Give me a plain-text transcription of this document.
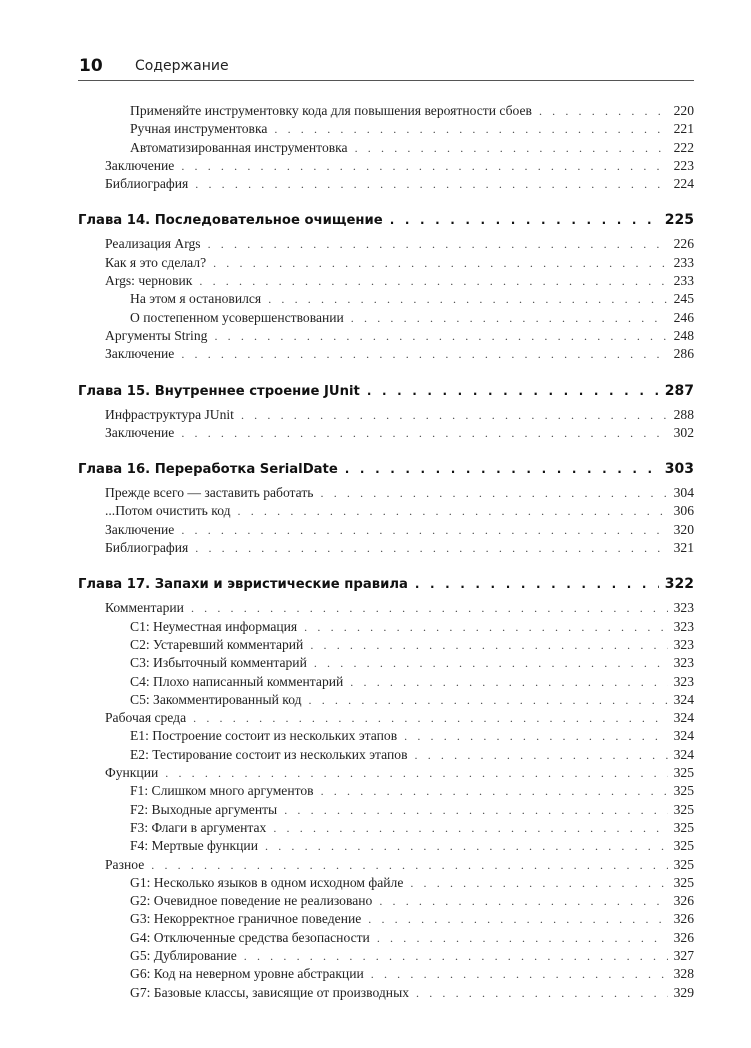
10 Содержание
Применяйте инструментовку кода для повышения вероятности сбоев . . .	220
Ручная инструментовка . . .	221
Автоматизированная инструментовка . . .	222
Заключение . . .	223
Библиография . . .	224
Глава 14. Последовательное очищение . . .	225
Реализация Args . . .	226
Как я это сделал? . . .	233
Args: черновик . . .	233
На этом я остановился . . .	245
О постепенном усовершенствовании . . .	246
Аргументы String . . .	248
Заключение . . .	286
Глава 15. Внутреннее строение JUnit . . .	287
Инфраструктура JUnit . . .	288
Заключение . . .	302
Глава 16. Переработка SerialDate . . .	303
Прежде всего — заставить работать . . .	304
...Потом очистить код . . .	306
Заключение . . .	320
Библиография . . .	321
Глава 17. Запахи и эвристические правила . . .	322
Комментарии . . .	323
C1: Неуместная информация . . .	323
C2: Устаревший комментарий . . .	323
C3: Избыточный комментарий . . .	323
C4: Плохо написанный комментарий . . .	323
C5: Закомментированный код . . .	324
Рабочая среда . . .	324
E1: Построение состоит из нескольких этапов . . .	324
E2: Тестирование состоит из нескольких этапов . . .	324
Функции . . .	325
F1: Слишком много аргументов . . .	325
F2: Выходные аргументы . . .	325
F3: Флаги в аргументах . . .	325
F4: Мертвые функции . . .	325
Разное . . .	325
G1: Несколько языков в одном исходном файле . . .	325
G2: Очевидное поведение не реализовано . . .	326
G3: Некорректное граничное поведение . . .	326
G4: Отключенные средства безопасности . . .	326
G5: Дублирование . . .	327
G6: Код на неверном уровне абстракции . . .	328
G7: Базовые классы, зависящие от производных . . .	329
